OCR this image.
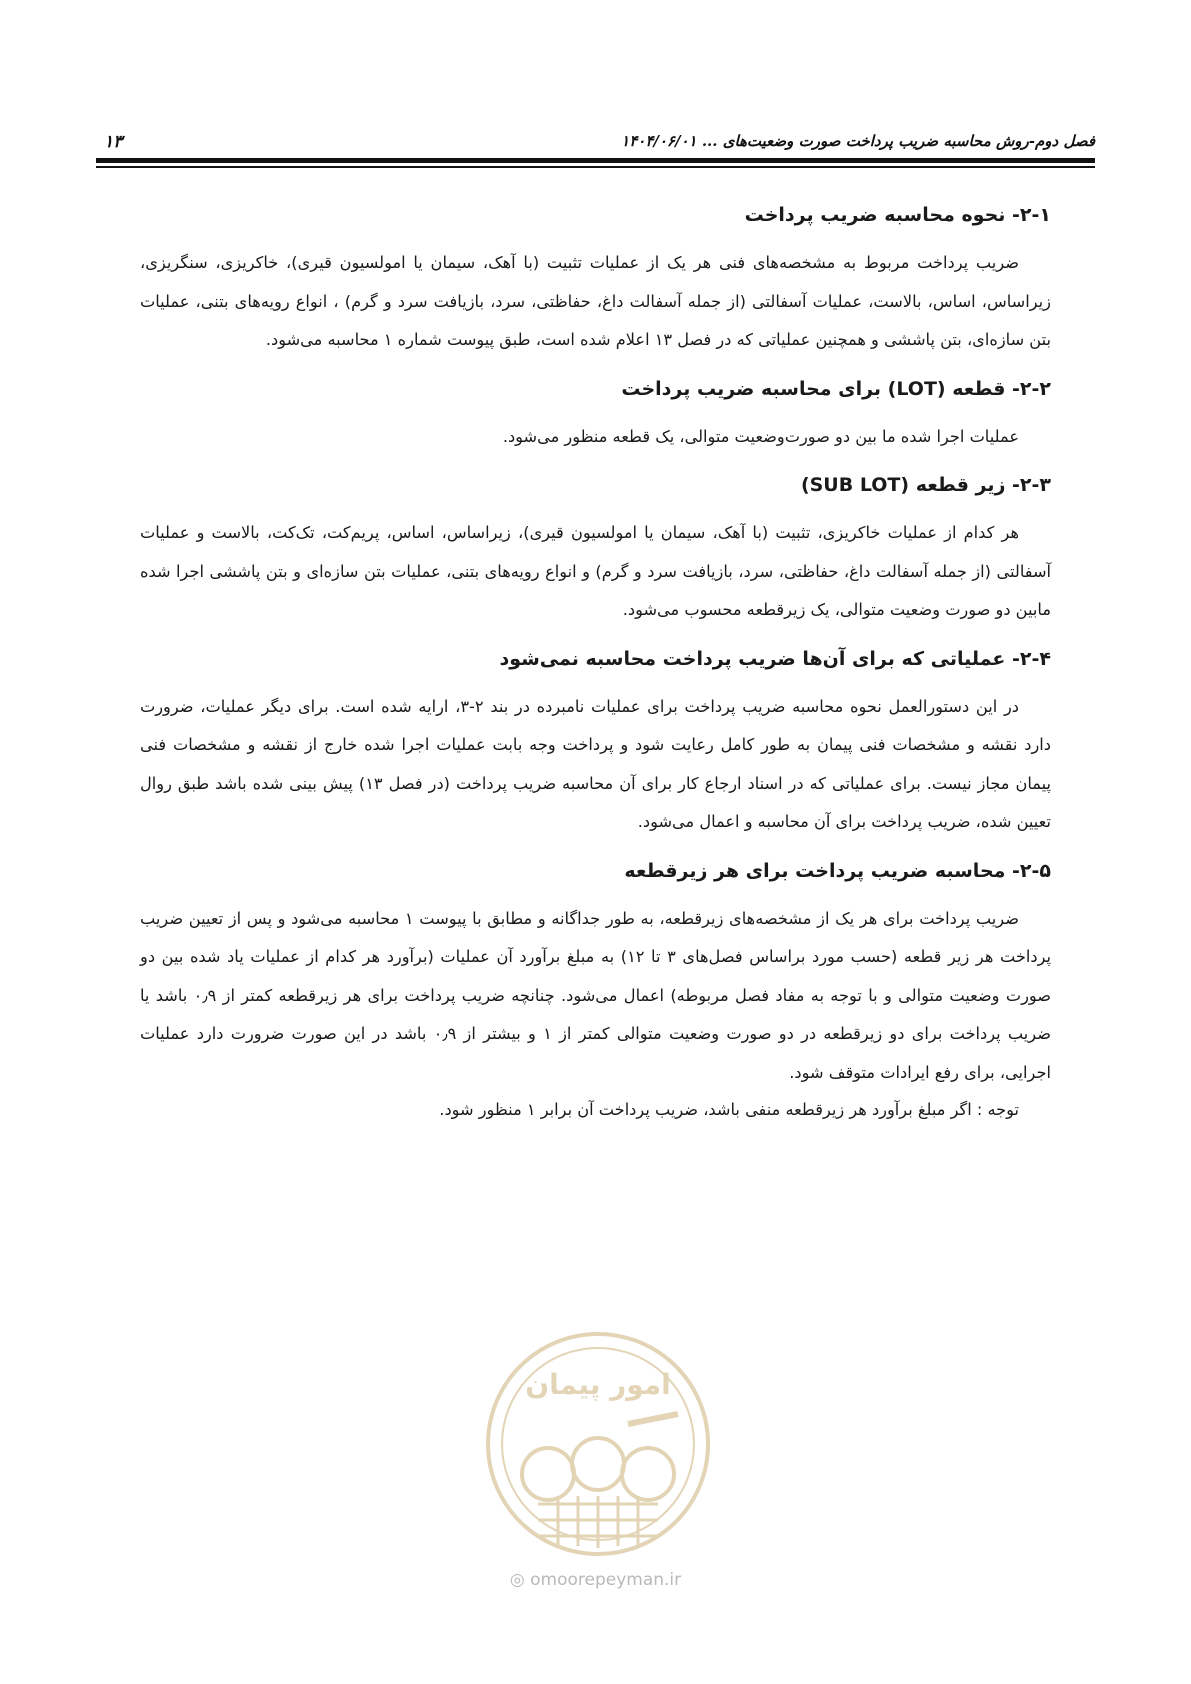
فصل دوم-روش محاسبه ضریب پرداخت صورت وضعیت‌های ... ۱۴۰۴/۰۶/۰۱
۱۳
۲-۱- نحوه محاسبه ضریب پرداخت

ضریب پرداخت مربوط به مشخصه‌های فنی هر یک از عملیات تثبیت (با آهک، سیمان یا امولسیون قیری)، خاکریزی، سنگریزی، زیراساس، اساس، بالاست، عملیات آسفالتی (از جمله آسفالت داغ، حفاظتی، سرد، بازیافت سرد و گرم) ، انواع رویه‌های بتنی، عملیات بتن سازه‌ای، بتن پاششی و همچنین عملیاتی که در فصل ۱۳ اعلام شده است، طبق پیوست شماره ۱ محاسبه می‌شود.

۲-۲- قطعه (LOT) برای محاسبه ضریب پرداخت

عملیات اجرا شده ما بین دو صورت‌وضعیت متوالی، یک قطعه منظور می‌شود.

۲-۳- زیر قطعه (SUB LOT)

هر کدام از عملیات خاکریزی، تثبیت (با آهک، سیمان یا امولسیون قیری)، زیراساس، اساس، پریم‌کت، تک‌کت، بالاست و عملیات آسفالتی (از جمله آسفالت داغ، حفاظتی، سرد، بازیافت سرد و گرم) و انواع رویه‌های بتنی، عملیات بتن سازه‌ای و بتن پاششی اجرا شده مابین دو صورت وضعیت متوالی، یک زیرقطعه محسوب می‌شود.

۲-۴- عملیاتی که برای آن‌ها ضریب پرداخت محاسبه نمی‌شود

در این دستورالعمل نحوه محاسبه ضریب پرداخت برای عملیات نامبرده در بند ۲-۳، ارایه شده است. برای دیگر عملیات، ضرورت دارد نقشه و مشخصات فنی پیمان به طور کامل رعایت شود و پرداخت وجه بابت عملیات اجرا شده خارج از نقشه و مشخصات فنی پیمان مجاز نیست. برای عملیاتی که در اسناد ارجاع کار برای آن محاسبه ضریب پرداخت (در فصل ۱۳) پیش بینی شده باشد طبق روال تعیین شده، ضریب پرداخت برای آن محاسبه و اعمال می‌شود.

۲-۵- محاسبه ضریب پرداخت برای هر زیرقطعه

ضریب پرداخت برای هر یک از مشخصه‌های زیرقطعه، به طور جداگانه و مطابق با پیوست ۱ محاسبه می‌شود و پس از تعیین ضریب پرداخت هر زیر قطعه (حسب مورد براساس فصل‌های ۳ تا ۱۲) به مبلغ برآورد آن عملیات (برآورد هر کدام از عملیات یاد شده بین دو صورت وضعیت متوالی و با توجه به مفاد فصل مربوطه) اعمال می‌شود. چنانچه ضریب پرداخت برای هر زیرقطعه کمتر از ۰٫۹ باشد یا ضریب پرداخت برای دو زیرقطعه در دو صورت وضعیت متوالی کمتر از ۱ و بیشتر از ۰٫۹ باشد در این صورت ضرورت دارد عملیات اجرایی، برای رفع ایرادات متوقف شود.

توجه : اگر مبلغ برآورد هر زیرقطعه منفی باشد، ضریب پرداخت آن برابر ۱ منظور شود.

امور پیمان
◎ omoorepeyman.ir
